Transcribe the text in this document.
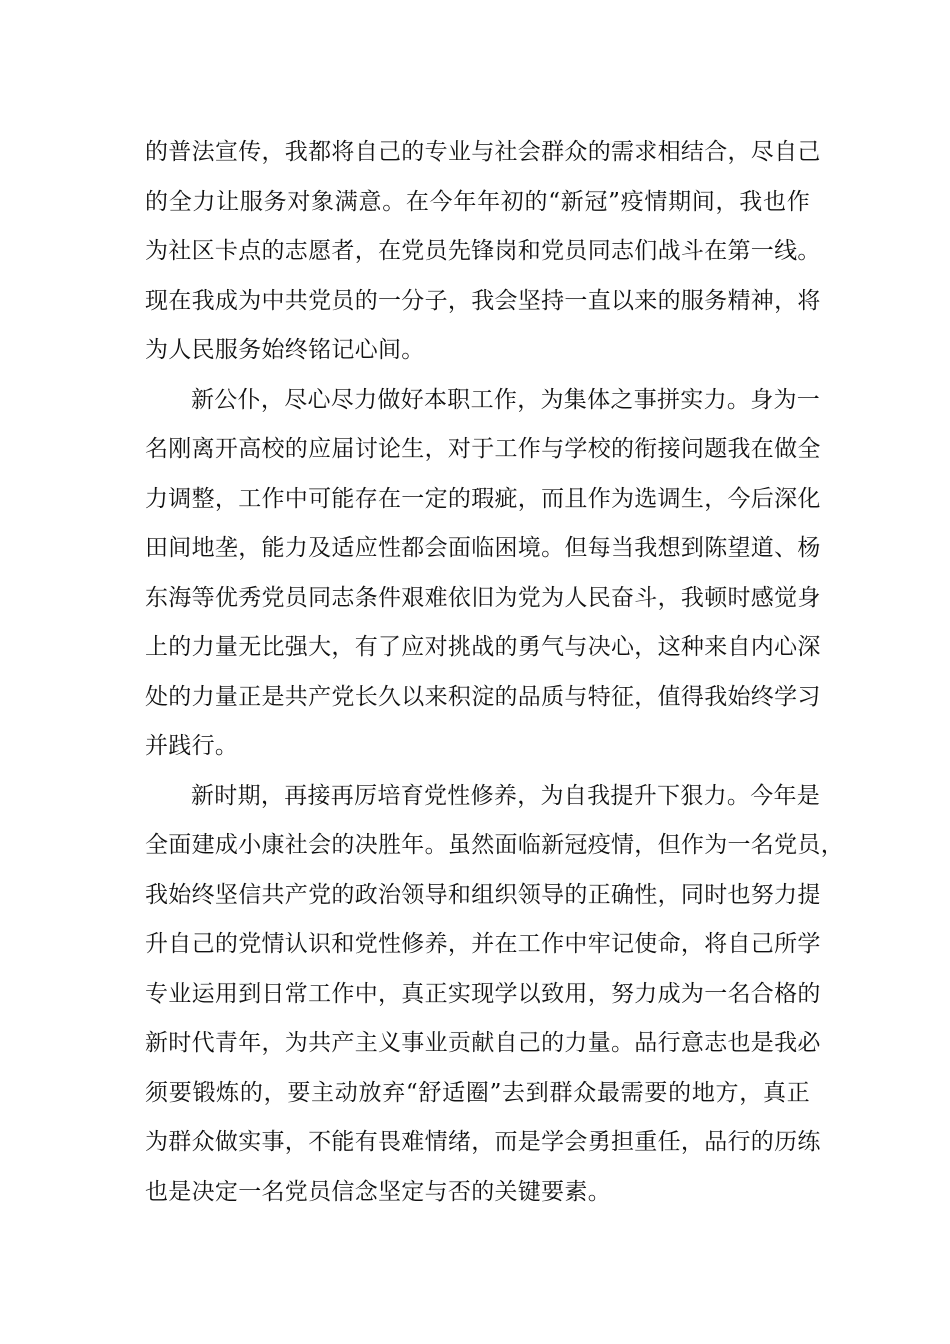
的普法宣传，我都将自己的专业与社会群众的需求相结合，尽自己
的全力让服务对象满意。在今年年初的“新冠”疫情期间，我也作
为社区卡点的志愿者，在党员先锋岗和党员同志们战斗在第一线。
现在我成为中共党员的一分子，我会坚持一直以来的服务精神，将
为人民服务始终铭记心间。
新公仆，尽心尽力做好本职工作，为集体之事拼实力。身为一
名刚离开高校的应届讨论生，对于工作与学校的衔接问题我在做全
力调整，工作中可能存在一定的瑕疵，而且作为选调生，今后深化
田间地垄，能力及适应性都会面临困境。但每当我想到陈望道、杨
东海等优秀党员同志条件艰难依旧为党为人民奋斗，我顿时感觉身
上的力量无比强大，有了应对挑战的勇气与决心，这种来自内心深
处的力量正是共产党长久以来积淀的品质与特征，值得我始终学习
并践行。
新时期，再接再厉培育党性修养，为自我提升下狠力。今年是
全面建成小康社会的决胜年。虽然面临新冠疫情，但作为一名党员，
我始终坚信共产党的政治领导和组织领导的正确性，同时也努力提
升自己的党情认识和党性修养，并在工作中牢记使命，将自己所学
专业运用到日常工作中，真正实现学以致用，努力成为一名合格的
新时代青年，为共产主义事业贡献自己的力量。品行意志也是我必
须要锻炼的，要主动放弃“舒适圈”去到群众最需要的地方，真正
为群众做实事，不能有畏难情绪，而是学会勇担重任，品行的历练
也是决定一名党员信念坚定与否的关键要素。
